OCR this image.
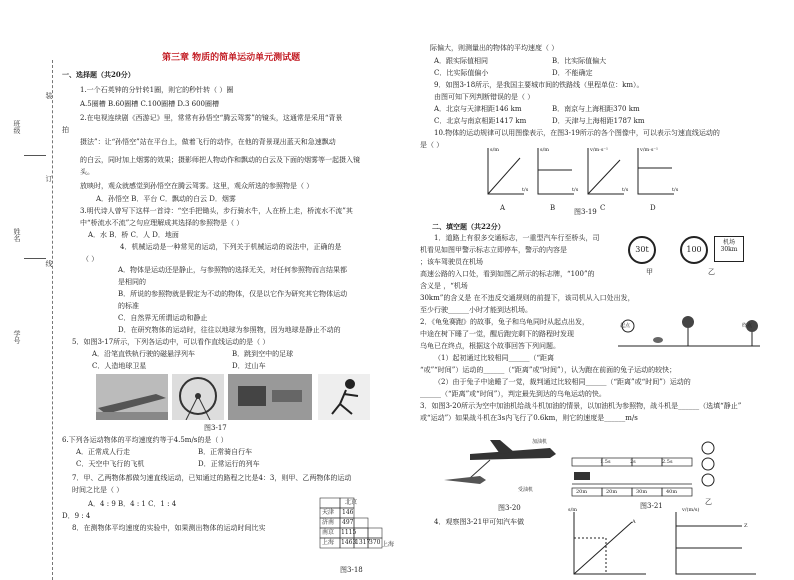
班级
姓名
学号
装
订
线
第三章 物质的简单运动单元测试题
一、选择题（共20分）
1.一个石英钟的分针转1圈，则它的秒针转（ ）圈
A.5圈槽 B.60圈槽 C.100圈槽 D.3 600圈槽
2.在电视连续剧《西游记》里，常常有孙悟空“腾云驾雾”的镜头，这通常是采用“背景
拍
摄法”：让“孙悟空”站在平台上，做着飞行的动作，在他的背景现出蓝天和急速飘动
的白云，同时加上烟雾的效果；摄影师把人物动作和飘动的白云及下面的烟雾等一起摄入镜
头。
放映时，观众就感觉到孙悟空在腾云驾雾。这里，观众所选的参照物是（ ）
A．孙悟空 B．平台 C．飘动的白云 D．烟雾
3.明代诗人曾写下这样一首诗：“空手把锄头，步行骑水牛，人在桥上走，桥流水不流”其
中“桥流水不流”之句应理解成其选择的参照物是（ ）
A．水 B．桥 C．人 D．地面
4．机械运动是一种常见的运动，下列关于机械运动的说法中，正确的是
（ ）
A．物体是运动还是静止，与参照物的选择无关，对任何参照物而言结果都
是相同的
B．所说的参照物就是假定为不动的物体，仅是以它作为研究其它物体运动
的标准
C．自然界无所谓运动和静止
D．在研究物体的运动时，往往以地球为参照物，因为地球是静止不动的
5．如图3-17所示，下列各运动中，可以看作直线运动的是（ ）
A．沿笔直铁轨行驶的磁悬浮列车	B．跳到空中的足球
C．人造地球卫星	D．过山车
图3-17
6.下列各运动物体的平均速度约等于4.5m/s的是（ ）
A．正常成人行走	B．正常骑自行车
C．天空中飞行的飞机	D．正常运行的列车
7．甲、乙两物体都做匀速直线运动，已知通过的路程之比是4：3，则甲、乙两物体的运动
时间之比是（ ）
A．4 : 9 B．4 : 1 C．1 : 4
D．9 : 4
8．在测物体平均速度的实验中，如果测出物体的运动时间比实
北京
天津 146
济南 497
南京 1115
上海 1463
1317
370 上海
图3-18
际偏大，则测量出的物体的平均速度（ ）
A．跟实际值相同	B．比实际值偏大
C．比实际值偏小	D．不能确定
9．如图3-18所示，是我国主要城市间的铁路线（里程单位：km）。
由图可知下列判断错误的是（ ）
A．北京与天津相距146 km	B．南京与上海相距370 km
C．北京与南京相距1417 km	D．天津与上海相距1787 km
10.物体的运动规律可以用图像表示，在图3-19所示的各个图像中，可以表示匀速直线运动的
是（ ）
s/m	s/m	v/m·s⁻¹	v/m·s⁻¹
t/s	t/s	t/s	t/s
A	B	C	D
图3-19
二、填空题（共22分）
1．道路上有很多交通标志，一重型汽车行至桥头，司
机看见如图甲警示标志立即停车，警示的内容是
；该车驾驶员在机场
高速公路的入口处，看到如图乙所示的标志牌，“100”的
含义是 ，“机场
30km”的含义是 在不违反交通规则的前提下，该司机从入口处出发，
至少行驶______小时才能到达机场。
30t	100
机场
30km
甲	乙
2．《龟兔赛跑》的故事，兔子和乌龟同时从起点出发，
中途在树下睡了一觉，醒后跑完剩下的路程时发现
乌龟已在终点，根据这个故事回答下列问题。
起点	终点
（1）起初通过比较相同______（“距离
“或”“时间”）运动的______（“距离”或“时间”），认为跑在前面的兔子运动的较快；
（2）由于兔子中途睡了一觉，裁判通过比较相同______（“距离”或“时间”）运动的
______（“距离”或“时间”），判定最先到达的乌龟运动的快。
3．如图3-20所示为空中加油机给战斗机加油的情景，以加油机为参照物，战斗机是______（选填“静止”
或“运动”）如果战斗机在3s内飞行了0.6km，则它的速度是______m/s
加油机
受油机
图3-20
1.5s	2s	2.5s
20m	20m	30m	40m
图3-21	乙
4．观察图3-21甲可知汽车做
s/m	v/(m/s)
A
Z
